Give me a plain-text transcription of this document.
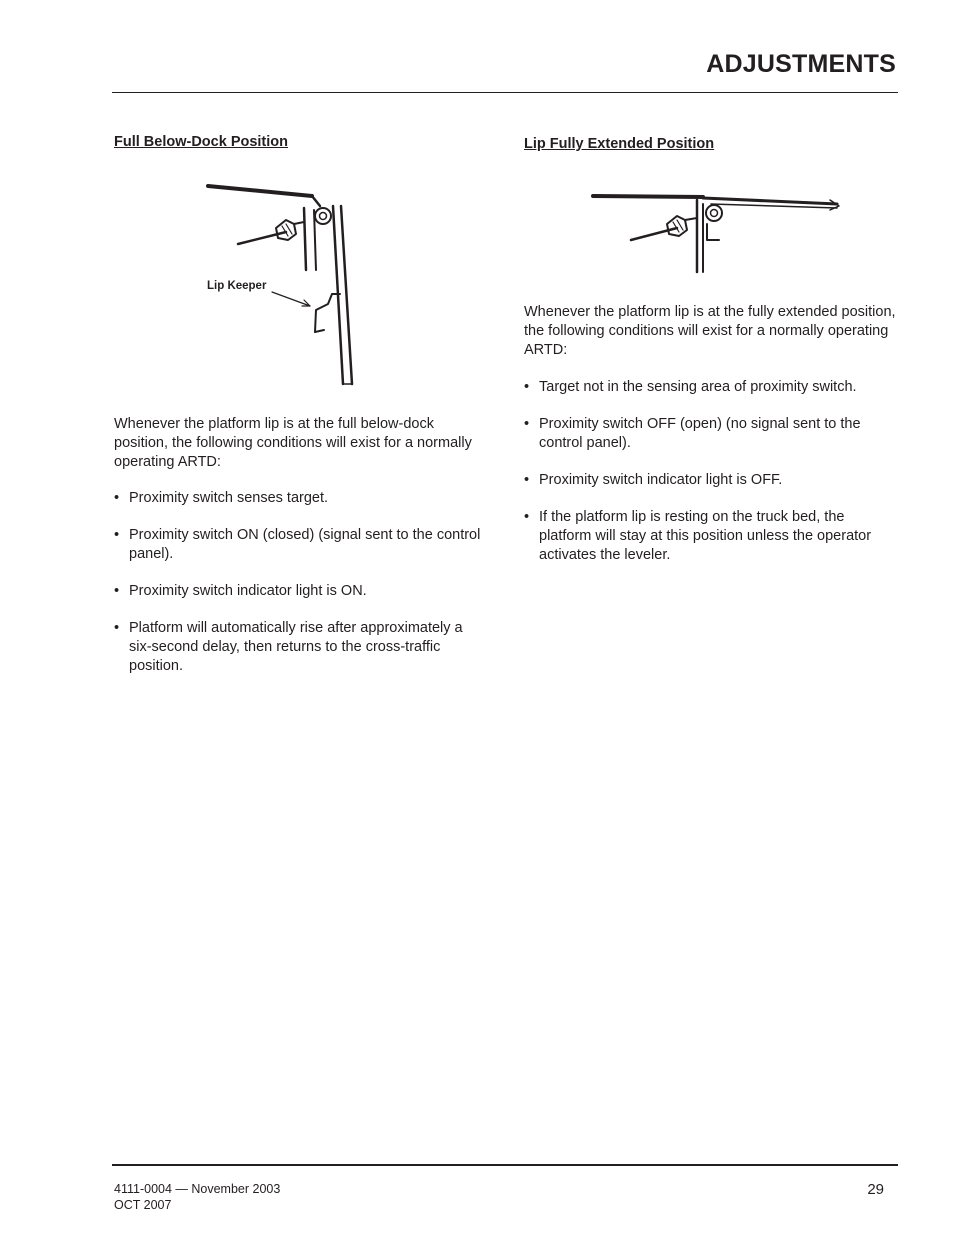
ADJUSTMENTS
Full Below-Dock Position
Lip Keeper

Whenever the platform lip is at the full below-dock position, the following conditions will exist for a normally operating ARTD:

• Proximity switch senses target.
• Proximity switch ON (closed) (signal sent to the control panel).
• Proximity switch indicator light is ON.
• Platform will automatically rise after approximately a six-second delay, then returns to the cross-traffic position.
Lip Fully Extended Position

Whenever the platform lip is at the fully extended position, the following conditions will exist for a normally operating ARTD:

• Target not in the sensing area of proximity switch.
• Proximity switch OFF (open) (no signal sent to the control panel).
• Proximity switch indicator light is OFF.
• If the platform lip is resting on the truck bed, the platform will stay at this position unless the operator activates the leveler.
4111-0004 — November 2003
OCT 2007
29
